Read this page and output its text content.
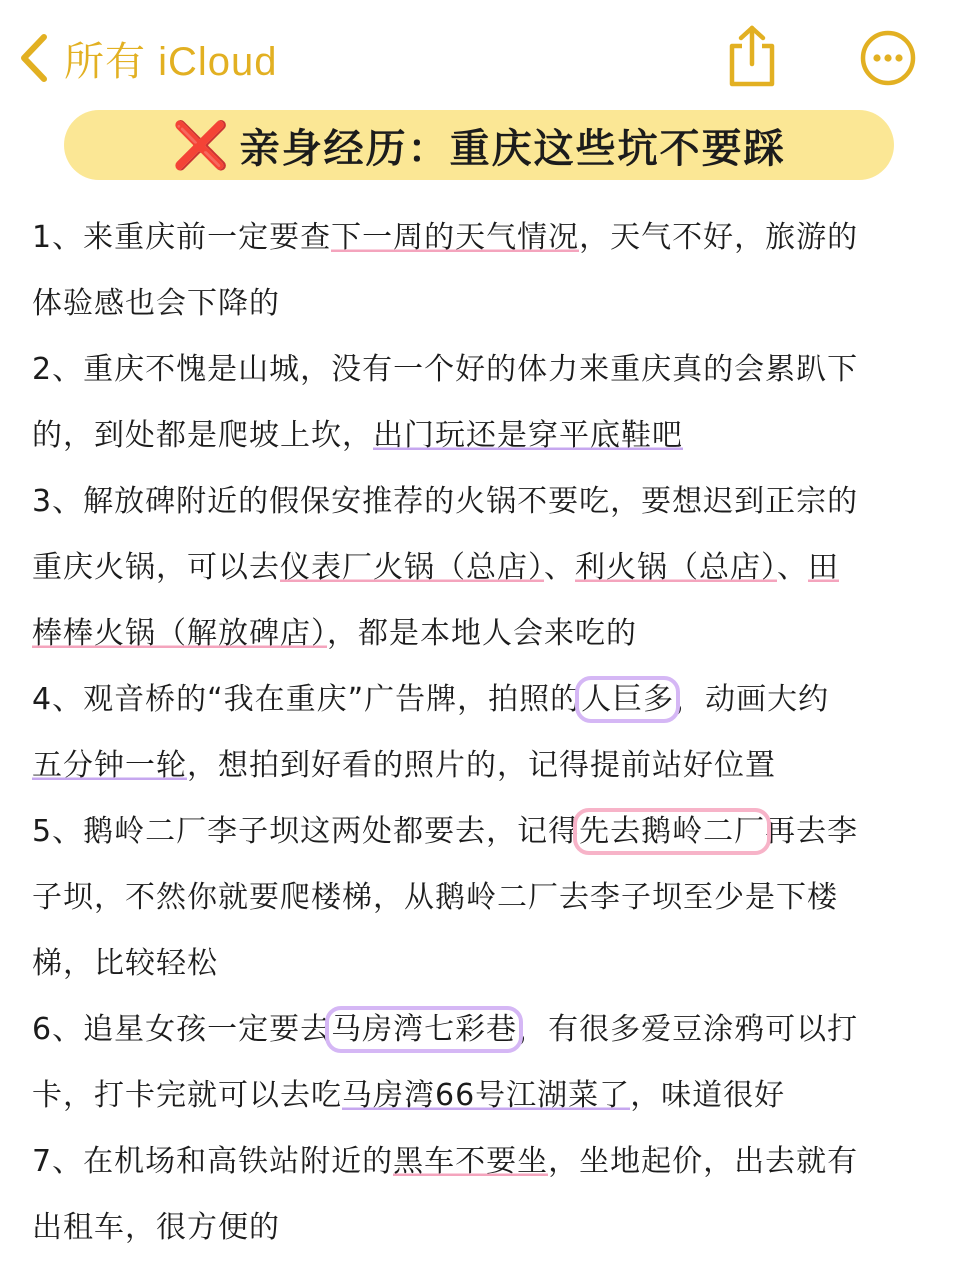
所有 iCloud
❌ 亲身经历：重庆这些坑不要踩
1、来重庆前一定要查下一周的天气情况，天气不好，旅游的
体验感也会下降的
2、重庆不愧是山城，没有一个好的体力来重庆真的会累趴下
的，到处都是爬坡上坎，出门玩还是穿平底鞋吧
3、解放碑附近的假保安推荐的火锅不要吃，要想迟到正宗的
重庆火锅，可以去仪表厂火锅（总店）、利火锅（总店）、田
棒棒火锅（解放碑店），都是本地人会来吃的
4、观音桥的“我在重庆”广告牌，拍照的人巨多，动画大约
五分钟一轮，想拍到好看的照片的，记得提前站好位置
5、鹅岭二厂李子坝这两处都要去，记得先去鹅岭二厂再去李
子坝，不然你就要爬楼梯，从鹅岭二厂去李子坝至少是下楼
梯，比较轻松
6、追星女孩一定要去马房湾七彩巷，有很多爱豆涂鸦可以打
卡，打卡完就可以去吃马房湾66号江湖菜了，味道很好
7、在机场和高铁站附近的黑车不要坐，坐地起价，出去就有
出租车，很方便的
